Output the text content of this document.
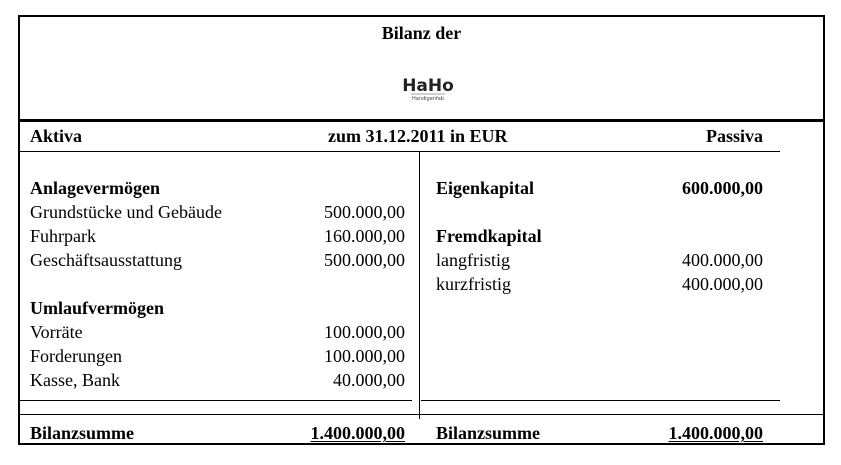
Bilanz der
HaHo
Handigenfab
Aktiva	zum 31.12.2011 in EUR	Passiva
Anlagevermögen
Grundstücke und Gebäude	500.000,00
Fuhrpark	160.000,00
Geschäftsausstattung	500.000,00
Umlaufvermögen
Vorräte	100.000,00
Forderungen	100.000,00
Kasse, Bank	40.000,00
Eigenkapital	600.000,00
Fremdkapital
langfristig	400.000,00
kurzfristig	400.000,00
Bilanzsumme	1.400.000,00 Bilanzsumme	1.400.000,00
